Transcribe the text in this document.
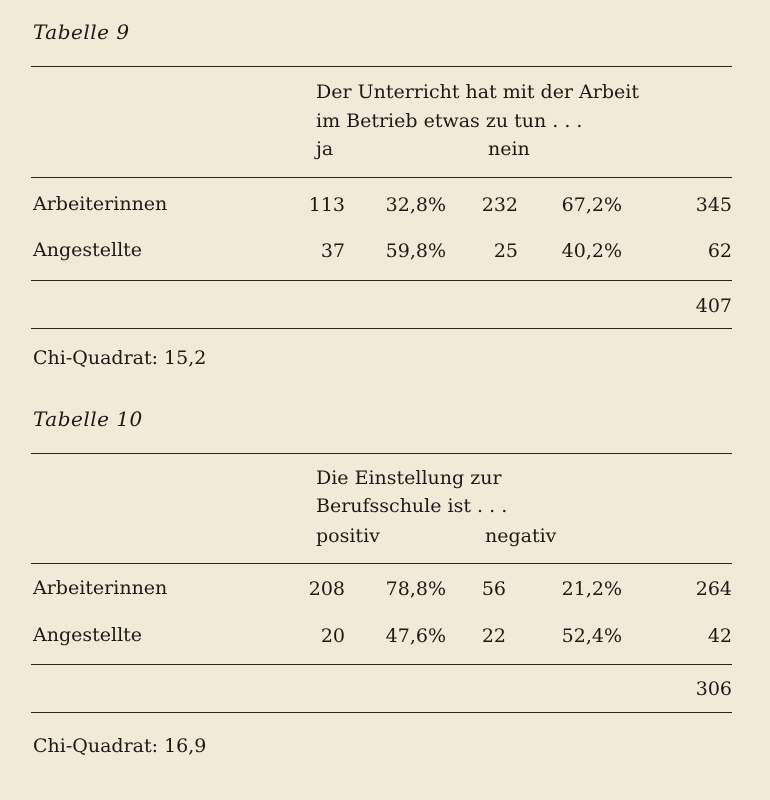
Tabelle 9
Der Unterricht hat mit der Arbeit
im Betrieb etwas zu tun . . .
ja	nein
Arbeiterinnen	113	32,8%	232	67,2%	345
Angestellte	37	59,8%	25	40,2%	62
407
Chi-Quadrat: 15,2
Tabelle 10
Die Einstellung zur
Berufsschule ist . . .
positiv	negativ
Arbeiterinnen	208	78,8%	56	21,2%	264
Angestellte	20	47,6%	22	52,4%	42
306
Chi-Quadrat: 16,9
